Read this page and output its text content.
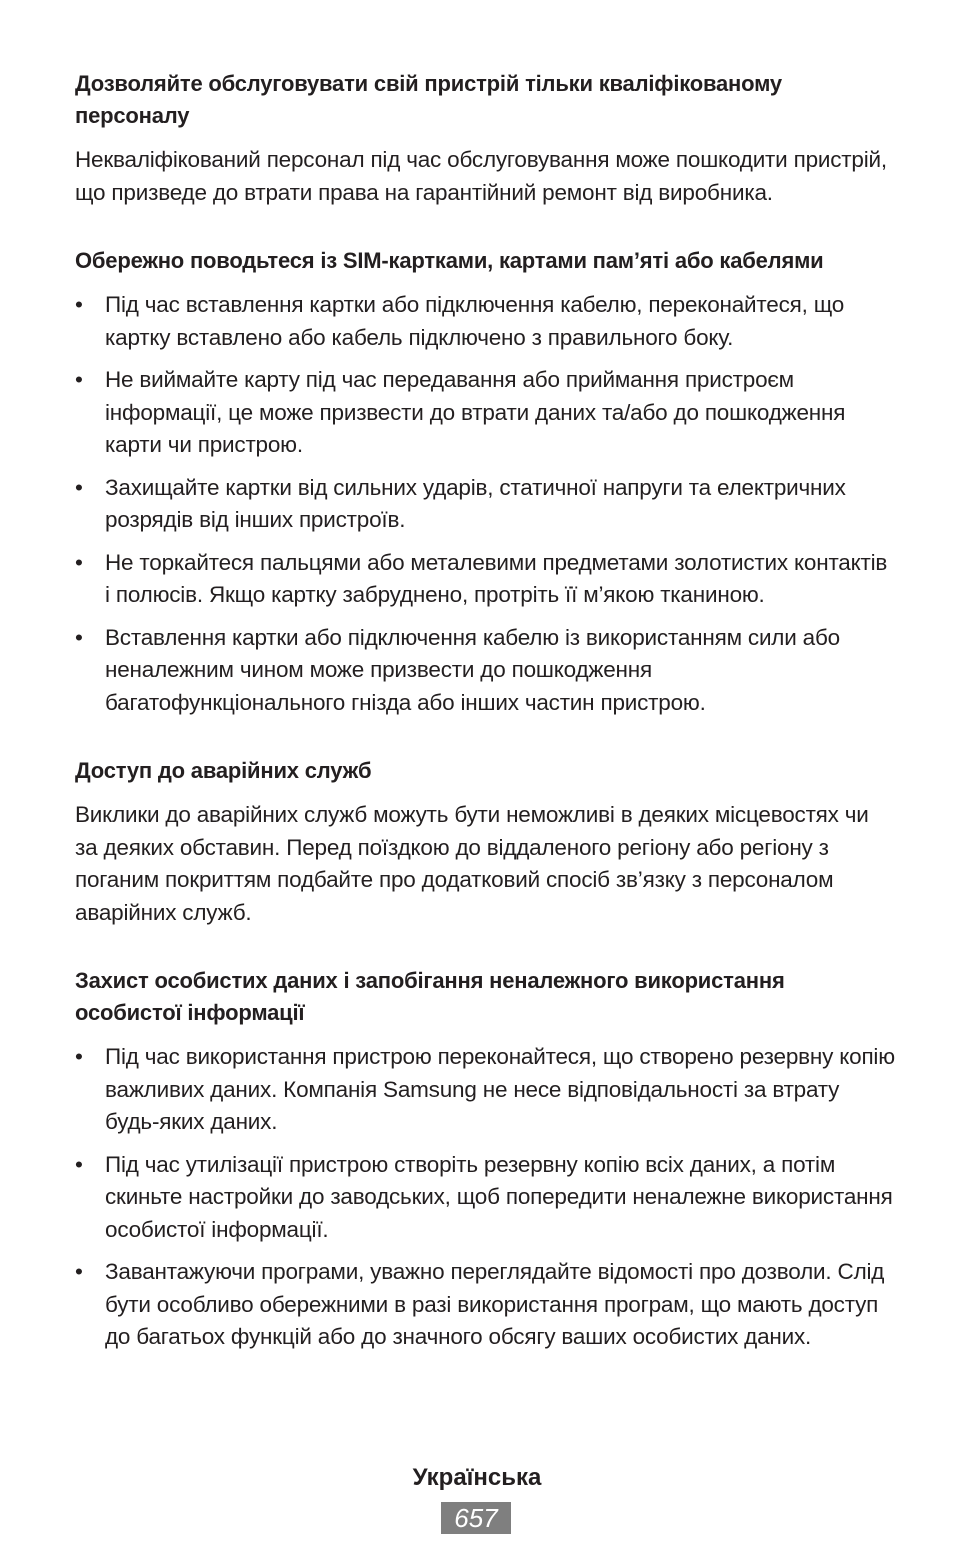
Дозволяйте обслуговувати свій пристрій тільки кваліфікованому персоналу

Некваліфікований персонал під час обслуговування може пошкодити пристрій, що призведе до втрати права на гарантійний ремонт від виробника.

Обережно поводьтеся із SIM-картками, картами пам’яті або кабелями

• Під час вставлення картки або підключення кабелю, переконайтеся, що картку вставлено або кабель підключено з правильного боку.
• Не виймайте карту під час передавання або приймання пристроєм інформації, це може призвести до втрати даних та/або до пошкодження карти чи пристрою.
• Захищайте картки від сильних ударів, статичної напруги та електричних розрядів від інших пристроїв.
• Не торкайтеся пальцями або металевими предметами золотистих контактів і полюсів. Якщо картку забруднено, протріть її м’якою тканиною.
• Вставлення картки або підключення кабелю із використанням сили або неналежним чином може призвести до пошкодження багатофункціонального гнізда або інших частин пристрою.

Доступ до аварійних служб

Виклики до аварійних служб можуть бути неможливі в деяких місцевостях чи за деяких обставин. Перед поїздкою до віддаленого регіону або регіону з поганим покриттям подбайте про додатковий спосіб зв’язку з персоналом аварійних служб.

Захист особистих даних і запобігання неналежного використання особистої інформації

• Під час використання пристрою переконайтеся, що створено резервну копію важливих даних. Компанія Samsung не несе відповідальності за втрату будь-яких даних.
• Під час утилізації пристрою створіть резервну копію всіх даних, а потім скиньте настройки до заводських, щоб попередити неналежне використання особистої інформації.
• Завантажуючи програми, уважно переглядайте відомості про дозволи. Слід бути особливо обережними в разі використання програм, що мають доступ до багатьох функцій або до значного обсягу ваших особистих даних.
Українська
657
